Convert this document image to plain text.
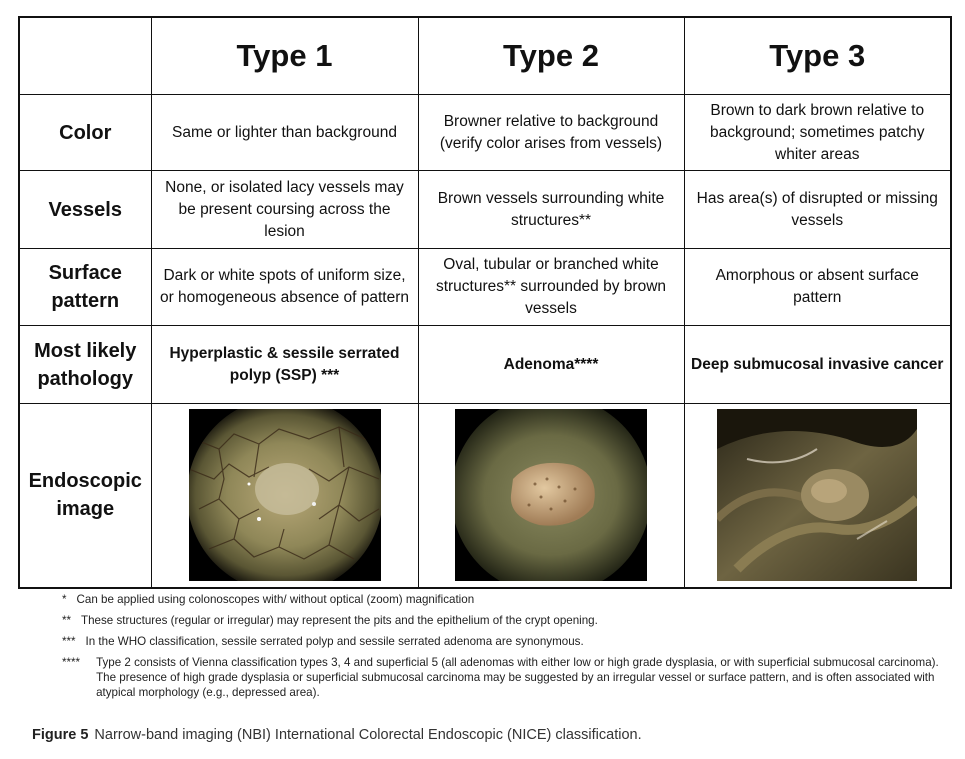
	Type 1	Type 2	Type 3
Color	Same or lighter than background	Browner relative to background (verify color arises from vessels)	Brown to dark brown relative to background; sometimes patchy whiter areas
Vessels	None, or isolated lacy vessels may be present coursing across the lesion	Brown vessels surrounding white structures**	Has area(s) of disrupted or missing vessels
Surface pattern	Dark or white spots of uniform size, or homogeneous absence of pattern	Oval, tubular or branched white structures** surrounded by brown vessels	Amorphous or absent surface pattern
Most likely pathology	Hyperplastic & sessile serrated polyp (SSP) ***	Adenoma****	Deep submucosal invasive cancer
Endoscopic image	

* Can be applied using colonoscopes with/ without optical (zoom) magnification
** These structures (regular or irregular) may represent the pits and the epithelium of the crypt opening.
*** In the WHO classification, sessile serrated polyp and sessile serrated adenoma are synonymous.
**** Type 2 consists of Vienna classification types 3, 4 and superficial 5 (all adenomas with either low or high grade dysplasia, or with superficial submucosal carcinoma). The presence of high grade dysplasia or superficial submucosal carcinoma may be suggested by an irregular vessel or surface pattern, and is often associated with atypical morphology (e.g., depressed area).
Figure 5 Narrow-band imaging (NBI) International Colorectal Endoscopic (NICE) classification.
